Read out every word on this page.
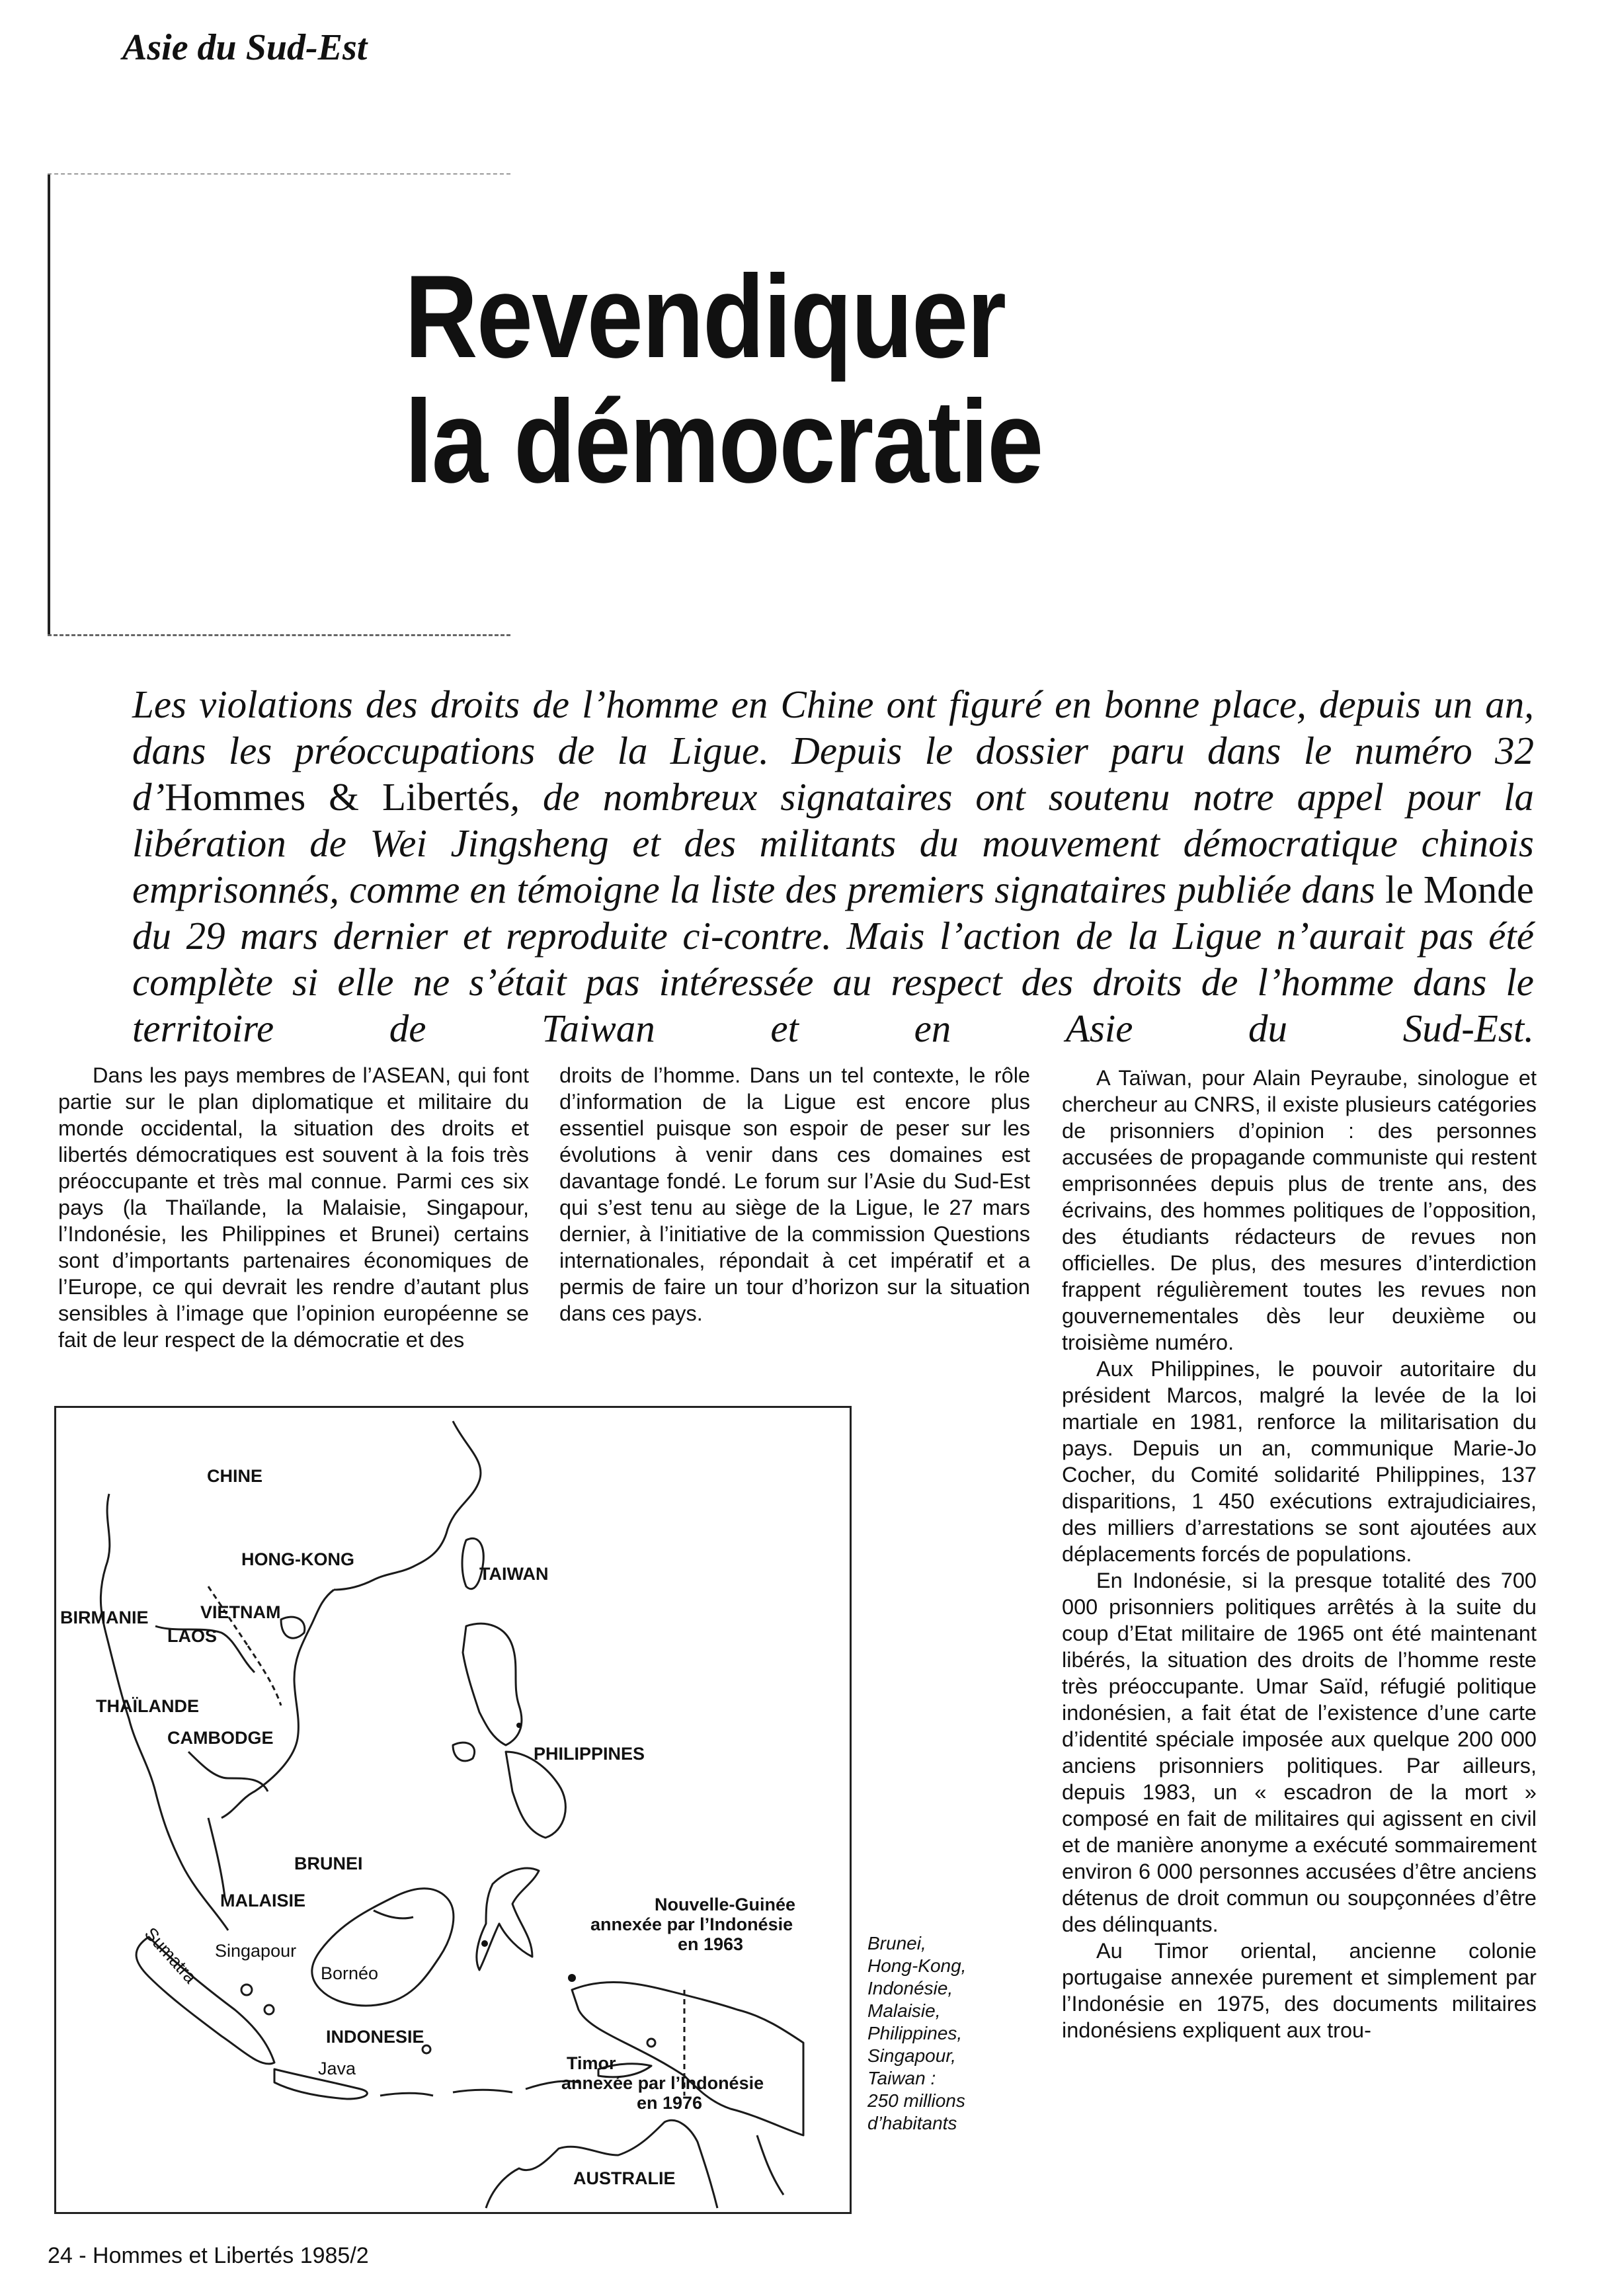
Asie du Sud-Est
Revendiquer
la démocratie
Les violations des droits de l’homme en Chine ont figuré en bonne place, depuis un an, dans les préoccupations de la Ligue. Depuis le dossier paru dans le numéro 32 d’Hommes & Libertés, de nombreux signataires ont soutenu notre appel pour la libération de Wei Jingsheng et des militants du mouvement démocratique chinois emprisonnés, comme en témoigne la liste des premiers signataires publiée dans le Monde du 29 mars dernier et reproduite ci-contre. Mais l’action de la Ligue n’aurait pas été complète si elle ne s’était pas intéressée au respect des droits de l’homme dans le territoire de Taiwan et en Asie du Sud-Est.

Dans les pays membres de l’ASEAN, qui font partie sur le plan diplomatique et militaire du monde occidental, la situation des droits et libertés démocratiques est souvent à la fois très préoccupante et très mal connue. Parmi ces six pays (la Thaïlande, la Malaisie, Singapour, l’Indonésie, les Philippines et Brunei) certains sont d’importants partenaires économiques de l’Europe, ce qui devrait les rendre d’autant plus sensibles à l’image que l’opinion européenne se fait de leur respect de la démocratie et des

droits de l’homme. Dans un tel contexte, le rôle d’information de la Ligue est encore plus essentiel puisque son espoir de peser sur les évolutions à venir dans ces domaines est davantage fondé. Le forum sur l’Asie du Sud-Est qui s’est tenu au siège de la Ligue, le 27 mars dernier, à l’initiative de la commission Questions internationales, répondait à cet impératif et a permis de faire un tour d’horizon sur la situation dans ces pays.

A Taïwan, pour Alain Peyraube, sinologue et chercheur au CNRS, il existe plusieurs catégories de prisonniers d’opinion : des personnes accusées de propagande communiste qui restent emprisonnées depuis plus de trente ans, des écrivains, des hommes politiques de l’opposition, des étudiants rédacteurs de revues non officielles. De plus, des mesures d’interdiction frappent régulièrement toutes les revues non gouvernementales dès leur deuxième ou troisième numéro.

Aux Philippines, le pouvoir autoritaire du président Marcos, malgré la levée de la loi martiale en 1981, renforce la militarisation du pays. Depuis un an, communique Marie-Jo Cocher, du Comité solidarité Philippines, 137 disparitions, 1 450 exécutions extrajudiciaires, des milliers d’arrestations se sont ajoutées aux déplacements forcés de populations.

En Indonésie, si la presque totalité des 700 000 prisonniers politiques arrêtés à la suite du coup d’Etat militaire de 1965 ont été maintenant libérés, la situation des droits de l’homme reste très préoccupante. Umar Saïd, réfugié politique indonésien, a fait état de l’existence d’une carte d’identité spéciale imposée aux quelque 200 000 anciens prisonniers politiques. Par ailleurs, depuis 1983, un « escadron de la mort » composé en fait de militaires qui agissent en civil et de manière anonyme a exécuté sommairement environ 6 000 personnes accusées d’être anciens détenus de droit commun ou soupçonnées d’être des délinquants.

Au Timor oriental, ancienne colonie portugaise annexée purement et simplement par l’Indonésie en 1975, des documents militaires indonésiens expliquent aux trou-

CHINE
HONG-KONG
TAIWAN
BIRMANIE	VIETNAM
LAOS
THAÏLANDE
CAMBODGE
PHILIPPINES
BRUNEI
MALAISIE
Singapour
Bornéo
Sumatra
INDONESIE
Java	Timor
annexée par l’Indonésie
en 1976
Nouvelle-Guinée
annexée par l’Indonésie
en 1963
AUSTRALIE
Brunei,
Hong-Kong,
Indonésie,
Malaisie,
Philippines,
Singapour,
Taiwan :
250 millions
d’habitants
24 - Hommes et Libertés 1985/2
